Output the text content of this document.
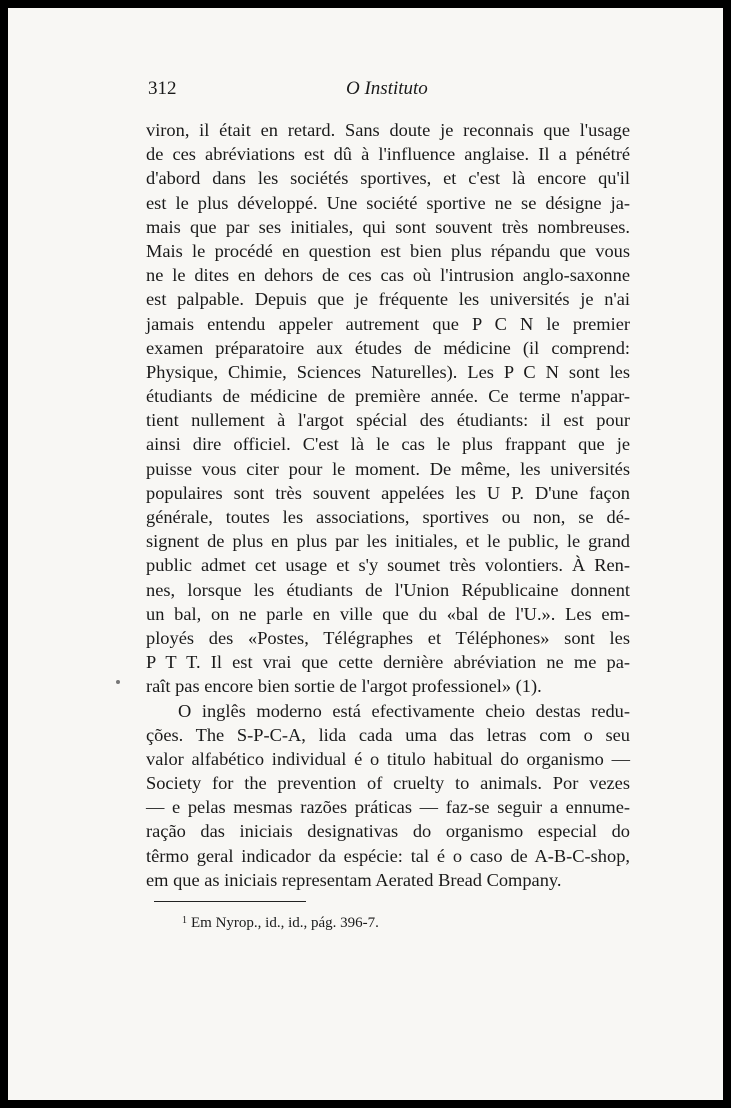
312	O Instituto
viron, il était en retard. Sans doute je reconnais que l'usage
de ces abréviations est dû à l'influence anglaise. Il a pénétré
d'abord dans les sociétés sportives, et c'est là encore qu'il
est le plus développé. Une société sportive ne se désigne ja-
mais que par ses initiales, qui sont souvent très nombreuses.
Mais le procédé en question est bien plus répandu que vous
ne le dites en dehors de ces cas où l'intrusion anglo-saxonne
est palpable. Depuis que je fréquente les universités je n'ai
jamais entendu appeler autrement que P C N le premier
examen préparatoire aux études de médicine (il comprend:
Physique, Chimie, Sciences Naturelles). Les P C N sont les
étudiants de médicine de première année. Ce terme n'appar-
tient nullement à l'argot spécial des étudiants: il est pour
ainsi dire officiel. C'est là le cas le plus frappant que je
puisse vous citer pour le moment. De même, les universités
populaires sont très souvent appelées les U P. D'une façon
générale, toutes les associations, sportives ou non, se dé-
signent de plus en plus par les initiales, et le public, le grand
public admet cet usage et s'y soumet très volontiers. À Ren-
nes, lorsque les étudiants de l'Union Républicaine donnent
un bal, on ne parle en ville que du «bal de l'U.». Les em-
ployés des «Postes, Télégraphes et Téléphones» sont les
P T T. Il est vrai que cette dernière abréviation ne me pa-
raît pas encore bien sortie de l'argot professionel» (1).
O inglês moderno está efectivamente cheio destas redu-
ções. The S-P-C-A, lida cada uma das letras com o seu
valor alfabético individual é o titulo habitual do organismo —
Society for the prevention of cruelty to animals. Por vezes
— e pelas mesmas razões práticas — faz-se seguir a ennume-
ração das iniciais designativas do organismo especial do
têrmo geral indicador da espécie: tal é o caso de A-B-C-shop,
em que as iniciais representam Aerated Bread Company.
$^1$ Em Nyrop., id., id., pág. 396-7.
